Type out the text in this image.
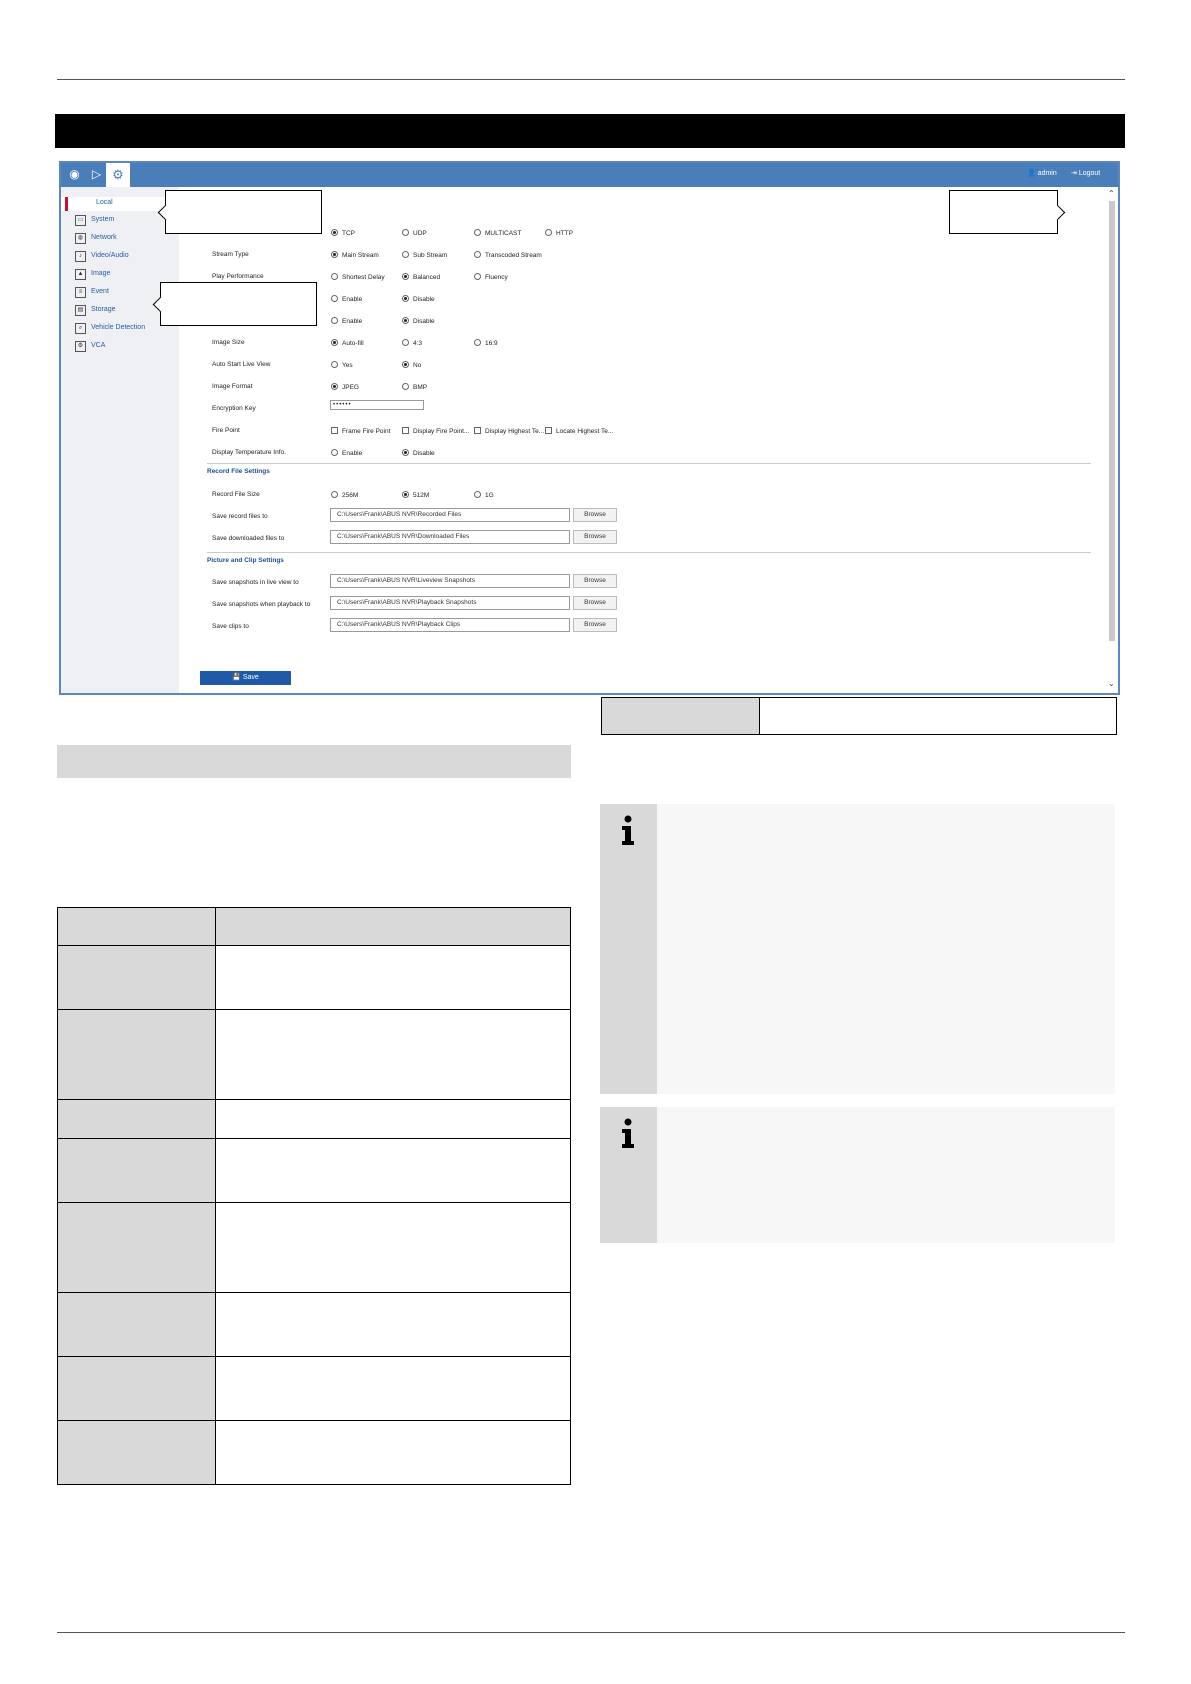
◉ ▷ ⚙	👤 admin ⇥ Logout
Local
▭	System
◍	Network
♪	Video/Audio
▲	Image
≡	Event
▤	Storage
⌕	Vehicle Detection
⚙	VCA
TCP	UDP	MULTICAST	HTTP
Stream Type	Main Stream	Sub Stream	Transcoded Stream
Play Performance	Shortest Delay	Balanced	Fluency
Enable	Disable
Enable	Disable
Image Size	Auto-fill	4:3	16:9
Auto Start Live View	Yes	No
Image Format	JPEG	BMP
Encryption Key	••••••
Fire Point	Frame Fire Point	Display Fire Point...	Display Highest Te...	Locate Highest Te...
Display Temperature Info.	Enable	Disable
Record File Settings
Record File Size	256M	512M	1G
Save record files to	C:\Users\Frank\ABUS NVR\Recorded Files	Browse
Save downloaded files to	C:\Users\Frank\ABUS NVR\Downloaded Files	Browse
Picture and Clip Settings
Save snapshots in live view to	C:\Users\Frank\ABUS NVR\Liveview Snapshots	Browse
Save snapshots when playback to	C:\Users\Frank\ABUS NVR\Playback Snapshots	Browse
Save clips to	C:\Users\Frank\ABUS NVR\Playback Clips	Browse
💾 Save
⌃
⌄
